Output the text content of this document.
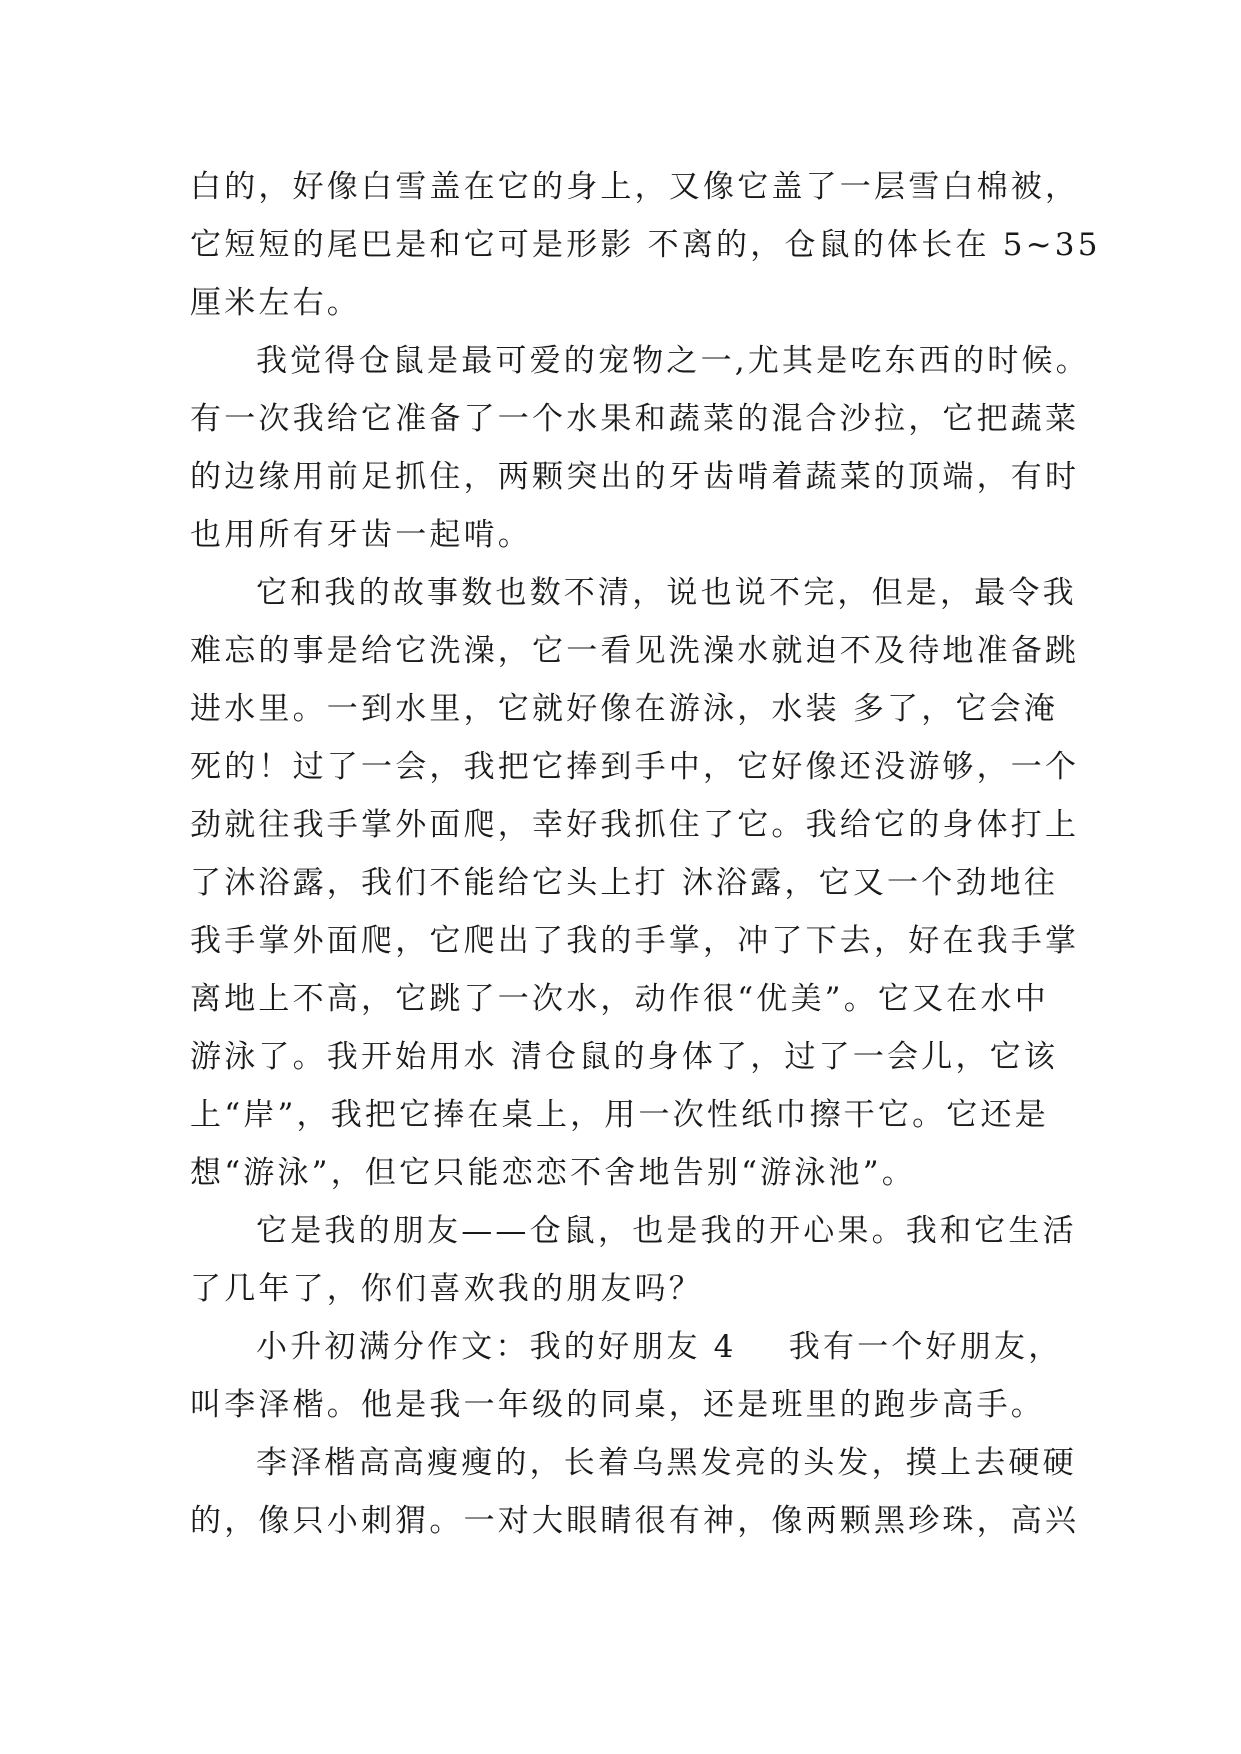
白的，好像白雪盖在它的身上，又像它盖了一层雪白棉被，
它短短的尾巴是和它可是形影 不离的，仓鼠的体长在 5~35
厘米左右。
我觉得仓鼠是最可爱的宠物之一,尤其是吃东西的时候。
有一次我给它准备了一个水果和蔬菜的混合沙拉，它把蔬菜
的边缘用前足抓住，两颗突出的牙齿啃着蔬菜的顶端，有时
也用所有牙齿一起啃。
它和我的故事数也数不清，说也说不完，但是，最令我
难忘的事是给它洗澡，它一看见洗澡水就迫不及待地准备跳
进水里。一到水里，它就好像在游泳，水装 多了，它会淹
死的！过了一会，我把它捧到手中，它好像还没游够，一个
劲就往我手掌外面爬，幸好我抓住了它。我给它的身体打上
了沐浴露，我们不能给它头上打 沐浴露，它又一个劲地往
我手掌外面爬，它爬出了我的手掌，冲了下去，好在我手掌
离地上不高，它跳了一次水，动作很“优美”。它又在水中
游泳了。我开始用水 清仓鼠的身体了，过了一会儿，它该
上“岸”，我把它捧在桌上，用一次性纸巾擦干它。它还是
想“游泳”，但它只能恋恋不舍地告别“游泳池”。
它是我的朋友——仓鼠，也是我的开心果。我和它生活
了几年了，你们喜欢我的朋友吗？
小升初满分作文：我的好朋友 4    我有一个好朋友，
叫李泽楷。他是我一年级的同桌，还是班里的跑步高手。
李泽楷高高瘦瘦的，长着乌黑发亮的头发，摸上去硬硬
的，像只小刺猬。一对大眼睛很有神，像两颗黑珍珠，高兴
